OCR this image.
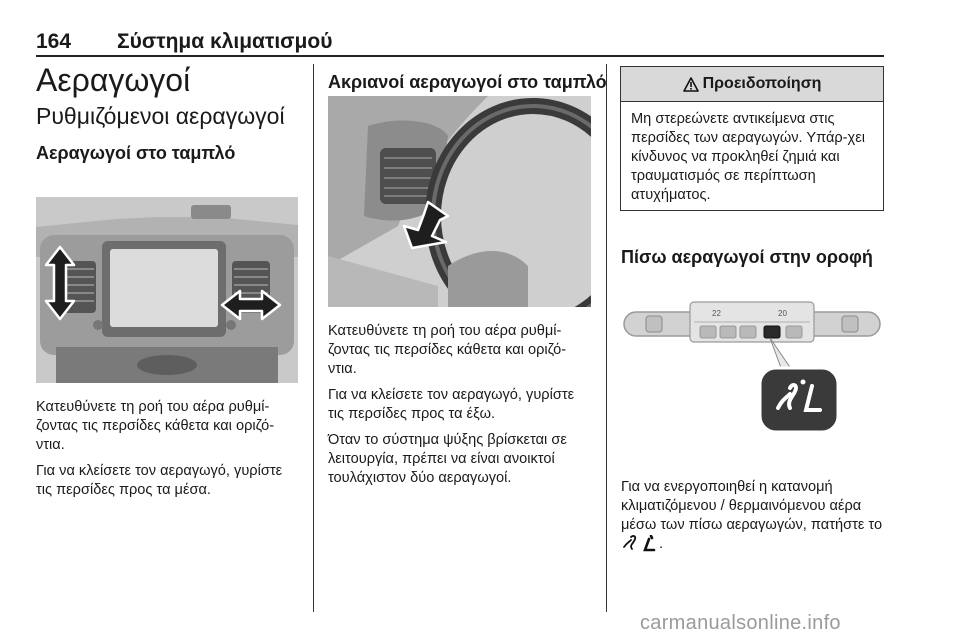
164 Σύστημα κλιματισμού
Αεραγωγοί
Ρυθμιζόμενοι αεραγωγοί
Αεραγωγοί στο ταμπλό

Κατευθύνετε τη ροή του αέρα ρυθμί-ζοντας τις περσίδες κάθετα και οριζό-ντια.

Για να κλείσετε τον αεραγωγό, γυρίστε τις περσίδες προς τα μέσα.

Ακριανοί αεραγωγοί στο ταμπλό

Κατευθύνετε τη ροή του αέρα ρυθμί-ζοντας τις περσίδες κάθετα και οριζό-ντια.

Για να κλείσετε τον αεραγωγό, γυρίστε τις περσίδες προς τα έξω.

Όταν το σύστημα ψύξης βρίσκεται σε λειτουργία, πρέπει να είναι ανοικτοί τουλάχιστον δύο αεραγωγοί.

Προειδοποίηση
Μη στερεώνετε αντικείμενα στις περσίδες των αεραγωγών. Υπάρ-χει κίνδυνος να προκληθεί ζημιά και τραυματισμός σε περίπτωση ατυχήματος.
Πίσω αεραγωγοί στην οροφή
22	20
Για να ενεργοποιηθεί η κατανομή κλιματιζόμενου / θερμαινόμενου αέρα μέσω των πίσω αεραγωγών, πατήστε το .
carmanualsonline.info
